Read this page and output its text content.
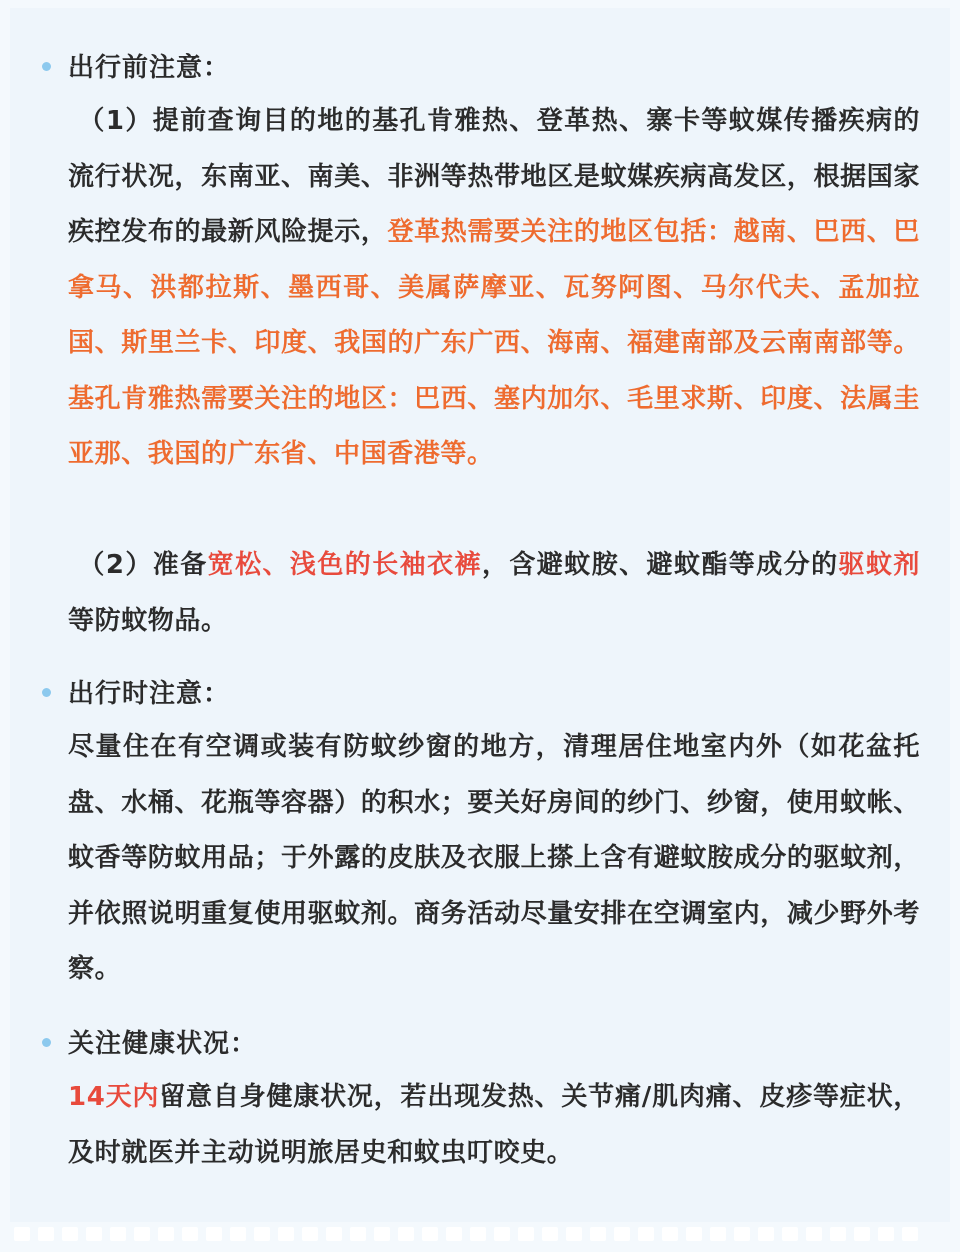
出行前注意：

（1）提前查询目的地的基孔肯雅热、登革热、寨卡等蚊媒传播疾病的流行状况，东南亚、南美、非洲等热带地区是蚊媒疾病高发区，根据国家疾控发布的最新风险提示，登革热需要关注的地区包括：越南、巴西、巴拿马、洪都拉斯、墨西哥、美属萨摩亚、瓦努阿图、马尔代夫、孟加拉国、斯里兰卡、印度、我国的广东广西、海南、福建南部及云南南部等。基孔肯雅热需要关注的地区：巴西、塞内加尔、毛里求斯、印度、法属圭亚那、我国的广东省、中国香港等。

（2）准备宽松、浅色的长袖衣裤，含避蚊胺、避蚊酯等成分的驱蚊剂等防蚊物品。

出行时注意：

尽量住在有空调或装有防蚊纱窗的地方，清理居住地室内外（如花盆托盘、水桶、花瓶等容器）的积水；要关好房间的纱门、纱窗，使用蚊帐、蚊香等防蚊用品；于外露的皮肤及衣服上搽上含有避蚊胺成分的驱蚊剂，并依照说明重复使用驱蚊剂。商务活动尽量安排在空调室内，减少野外考察。

关注健康状况：

14天内留意自身健康状况，若出现发热、关节痛/肌肉痛、皮疹等症状，及时就医并主动说明旅居史和蚊虫叮咬史。
